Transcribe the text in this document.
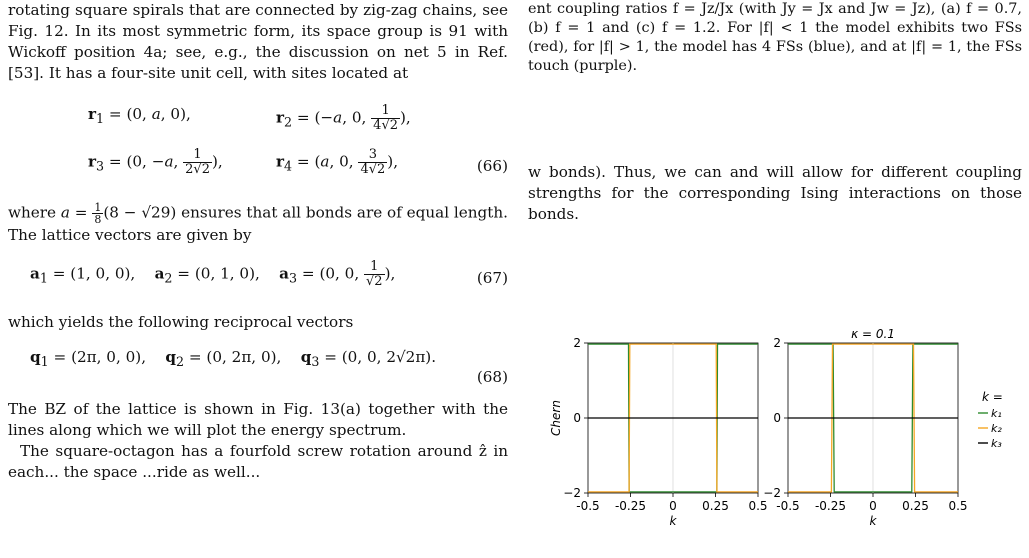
rotating square spirals that are connected by zig-zag chains, see Fig. 12. In its most symmetric form, its space group is 91 with Wickoff position 4a; see, e.g., the discussion on net 5 in Ref. [53]. It has a four-site unit cell, with sites located at

$r_1 = (0$, a, 0),	$r_2 = (-a$, 0, $\frac{1}{4√2}$ ),
$r_3 = (0$, −a, $\frac{1}{2√2}$ ),	$r_4 = (a$, 0, $\frac{3}{4√2}$ ),	(66)

where $a = \frac{1}{8} (8 - √29)$ ensures that all bonds are of equal length. The lattice vectors are given by

$a_1 = (1$, 0, 0),    $a_2 = (0$, 1, 0),    $a_3 = (0$, 0, $\frac{1}{√2}$ ),	(67)

which yields the following reciprocal vectors

$q_1 = (2\pi$, 0, 0),    $q_2 = (0$, 2π, 0),    $q_3 = (0$, 0, 2√2π).
(68)

The BZ of the lattice is shown in Fig. 13(a) together with the lines along which we will plot the energy spectrum.

The square-octagon has a fourfold screw rotation around ẑ in each... the space ...ride as well...

ent coupling ratios f = Jz/Jx (with Jy = Jx and Jw = Jz), (a) f = 0.7, (b) f = 1 and (c) f = 1.2. For |f| < 1 the model exhibits two FSs (red), for |f| > 1, the model has 4 FSs (blue), and at |f| = 1, the FSs touch (purple).

w bonds). Thus, we can and will allow for different coupling strengths for the corresponding Ising interactions on those bonds.

-0.5 -0.25 0 0.25 0.5
2
0
−2
k
Chern
-0.5 -0.25 0 0.25 0.5
2
0
−2
k
κ = 0.1
k =
k₁
k₂
k₃
